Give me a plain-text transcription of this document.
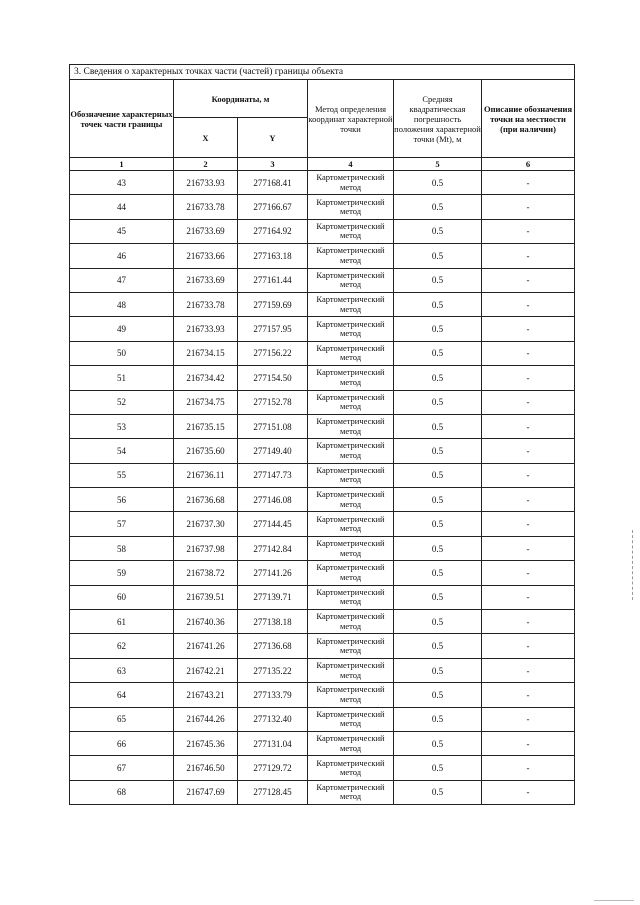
3. Сведения о характерных точках части (частей) границы объекта					
Обозначение характерных точек части границы	Координаты, м		Метод определения координат характерной точки	Средняя квадратическая погрешность положения характерной точки (Mt), м	Описание обозначения точки на местности (при наличии)
	X	Y			
1	2	3	4	5	6
43	216733.93	277168.41	Картометрический метод	0.5	-
44	216733.78	277166.67	Картометрический метод	0.5	-
45	216733.69	277164.92	Картометрический метод	0.5	-
46	216733.66	277163.18	Картометрический метод	0.5	-
47	216733.69	277161.44	Картометрический метод	0.5	-
48	216733.78	277159.69	Картометрический метод	0.5	-
49	216733.93	277157.95	Картометрический метод	0.5	-
50	216734.15	277156.22	Картометрический метод	0.5	-
51	216734.42	277154.50	Картометрический метод	0.5	-
52	216734.75	277152.78	Картометрический метод	0.5	-
53	216735.15	277151.08	Картометрический метод	0.5	-
54	216735.60	277149.40	Картометрический метод	0.5	-
55	216736.11	277147.73	Картометрический метод	0.5	-
56	216736.68	277146.08	Картометрический метод	0.5	-
57	216737.30	277144.45	Картометрический метод	0.5	-
58	216737.98	277142.84	Картометрический метод	0.5	-
59	216738.72	277141.26	Картометрический метод	0.5	-
60	216739.51	277139.71	Картометрический метод	0.5	-
61	216740.36	277138.18	Картометрический метод	0.5	-
62	216741.26	277136.68	Картометрический метод	0.5	-
63	216742.21	277135.22	Картометрический метод	0.5	-
64	216743.21	277133.79	Картометрический метод	0.5	-
65	216744.26	277132.40	Картометрический метод	0.5	-
66	216745.36	277131.04	Картометрический метод	0.5	-
67	216746.50	277129.72	Картометрический метод	0.5	-
68	216747.69	277128.45	Картометрический метод	0.5	-
